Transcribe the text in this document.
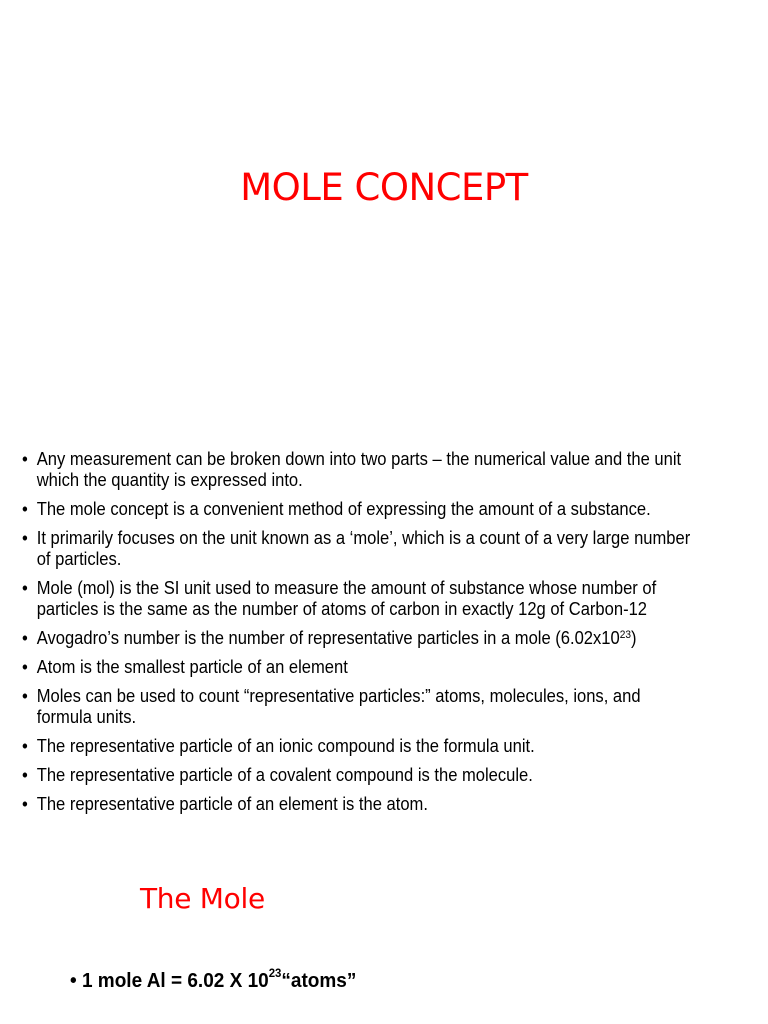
MOLE CONCEPT
• Any measurement can be broken down into two parts – the numerical value and the unit which the quantity is expressed into.
• The mole concept is a convenient method of expressing the amount of a substance.
• It primarily focuses on the unit known as a ‘mole’, which is a count of a very large number of particles.
• Mole (mol) is the SI unit used to measure the amount of substance whose number of particles is the same as the number of atoms of carbon in exactly 12g of Carbon-12
• Avogadro’s number is the number of representative particles in a mole $(6.02x10^{23})$
• Atom is the smallest particle of an element
• Moles can be used to count “representative particles:” atoms, molecules, ions, and formula units.
• The representative particle of an ionic compound is the formula unit.
• The representative particle of a covalent compound is the molecule.
• The representative particle of an element is the atom.
The Mole
• 1 mole Al = 6.02 X $10^{23}“atoms$”
